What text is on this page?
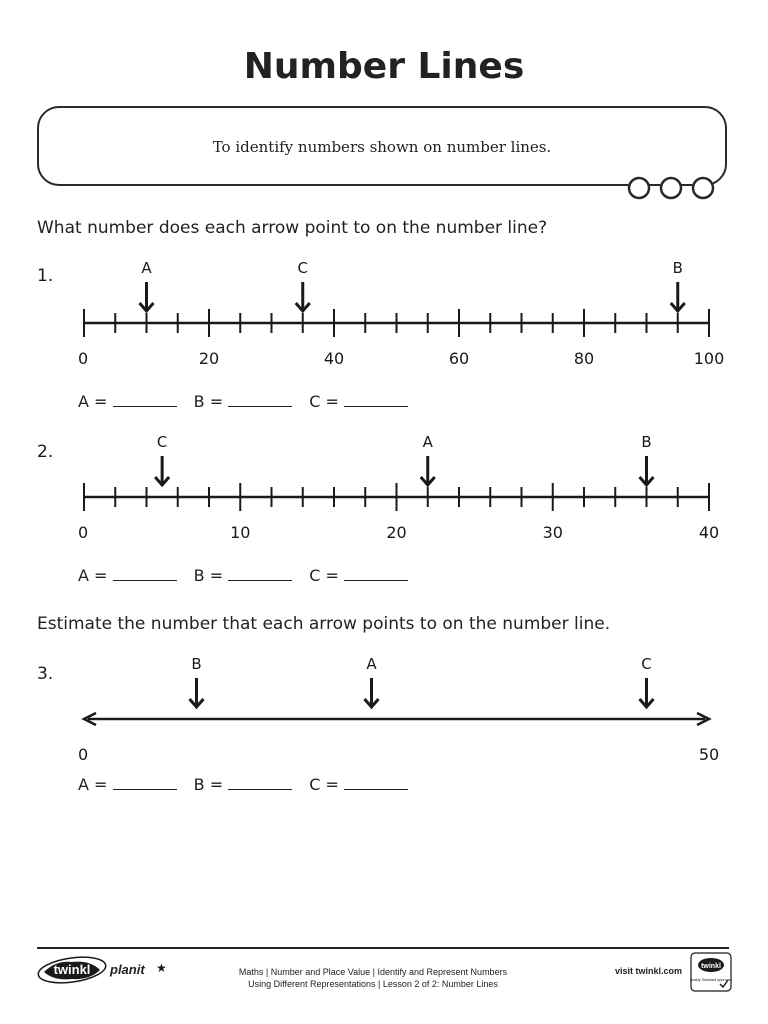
Number Lines
To identify numbers shown on number lines.
What number does each arrow point to on the number line?
1.
0	20	40	60	80	100
A	C	B
A =	B =	C =
2.
0	10	20	30	40
C	A	B
A =	B =	C =
Estimate the number that each arrow points to on the number line.
3.
0	50
B	A	C
A =	B =	C =
twinkl planit ★	Maths | Number and Place Value | Identify and Represent Numbers
Using Different Representations | Lesson 2 of 2: Number Lines
visit twinkl.com	twinkl
Quality Standard Approved
